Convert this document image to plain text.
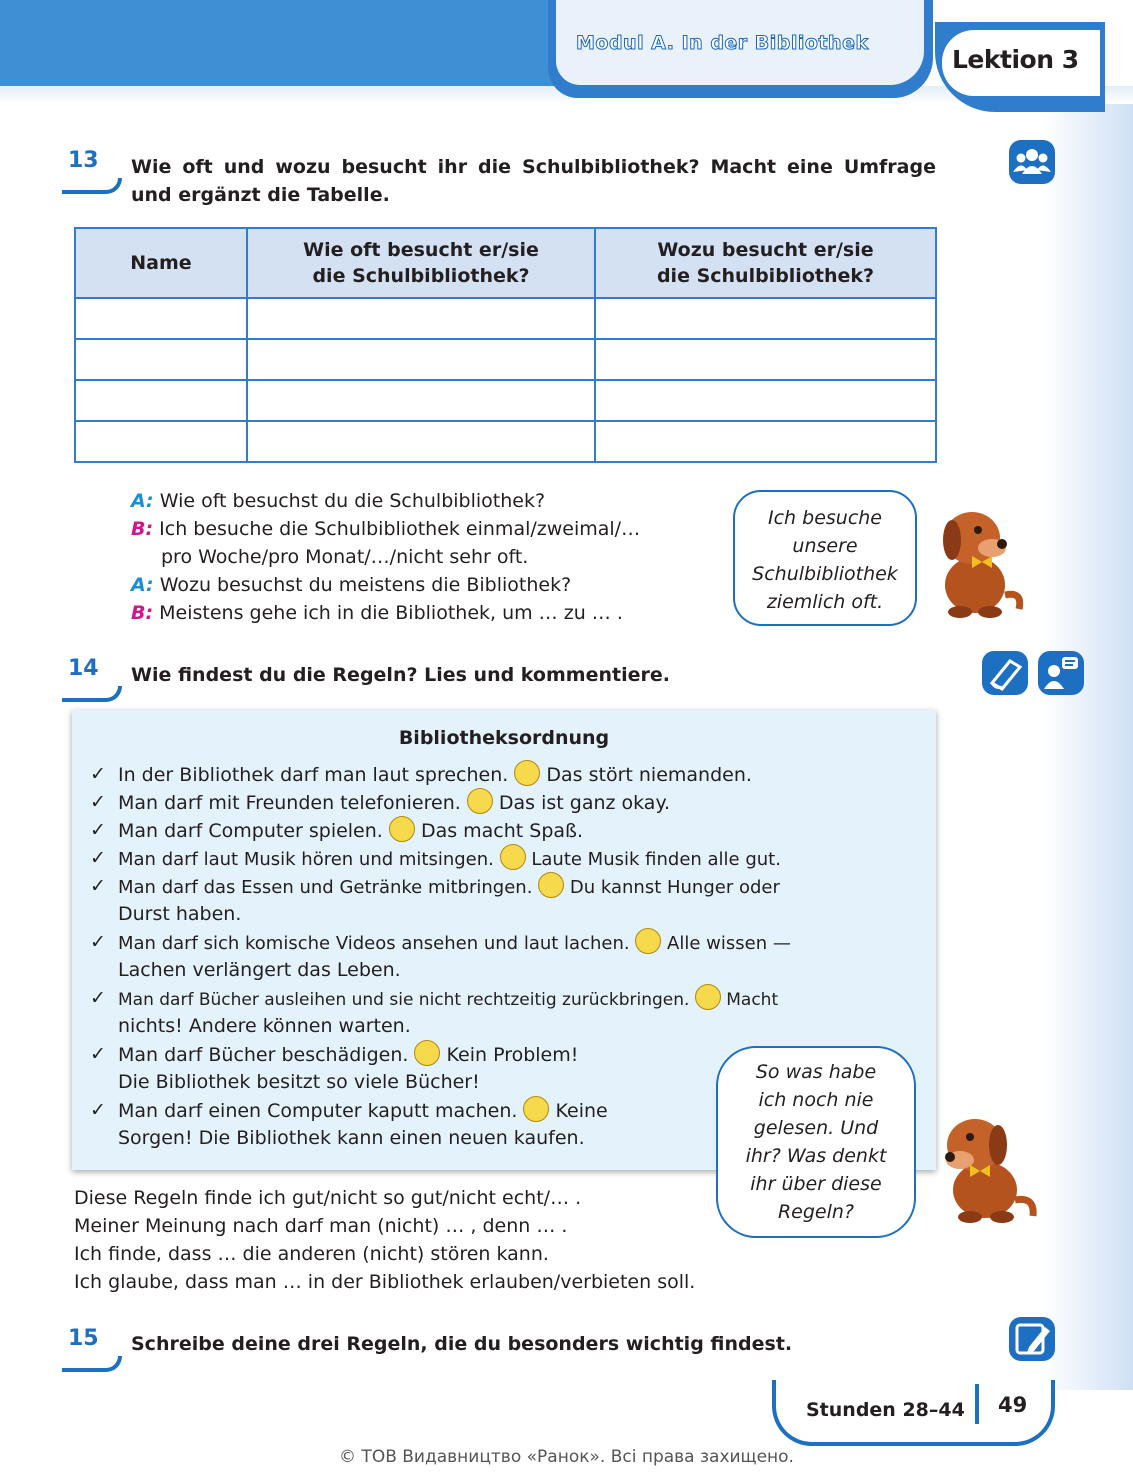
Modul A. In der Bibliothek
Lektion 3
13 Wie oft und wozu besucht ihr die Schulbibliothek? Macht eine Umfrage und ergänzt die Tabelle.
Name	Wie oft besucht er/sie die Schulbibliothek?	Wozu besucht er/sie die Schulbibliothek?

A: Wie oft besuchst du die Schulbibliothek?
B: Ich besuche die Schulbibliothek einmal/zweimal/…
pro Woche/pro Monat/…/nicht sehr oft.
A: Wozu besuchst du meistens die Bibliothek?
B: Meistens gehe ich in die Bibliothek, um … zu … .
Ich besuche
unsere
Schulbibliothek
ziemlich oft.
14 Wie findest du die Regeln? Lies und kommentiere.
Bibliotheksordnung
✓ In der Bibliothek darf man laut sprechen. Das stört niemanden.
✓ Man darf mit Freunden telefonieren. Das ist ganz okay.
✓ Man darf Computer spielen. Das macht Spaß.
✓ Man darf laut Musik hören und mitsingen. Laute Musik finden alle gut.
✓ Man darf das Essen und Getränke mitbringen. Du kannst Hunger oder
Durst haben.
✓ Man darf sich komische Videos ansehen und laut lachen. Alle wissen —
Lachen verlängert das Leben.
✓ Man darf Bücher ausleihen und sie nicht rechtzeitig zurückbringen. Macht
nichts! Andere können warten.
✓ Man darf Bücher beschädigen. Kein Problem!
Die Bibliothek besitzt so viele Bücher!
✓ Man darf einen Computer kaputt machen. Keine
Sorgen! Die Bibliothek kann einen neuen kaufen.
So was habe
ich noch nie
gelesen. Und
ihr? Was denkt
ihr über diese
Regeln?
Diese Regeln finde ich gut/nicht so gut/nicht echt/… .
Meiner Meinung nach darf man (nicht) … , denn … .
Ich finde, dass … die anderen (nicht) stören kann.
Ich glaube, dass man … in der Bibliothek erlauben/verbieten soll.
15 Schreibe deine drei Regeln, die du besonders wichtig findest.
Stunden 28–44 49
© ТОВ Видавництво «Ранок». Всі права захищено.
